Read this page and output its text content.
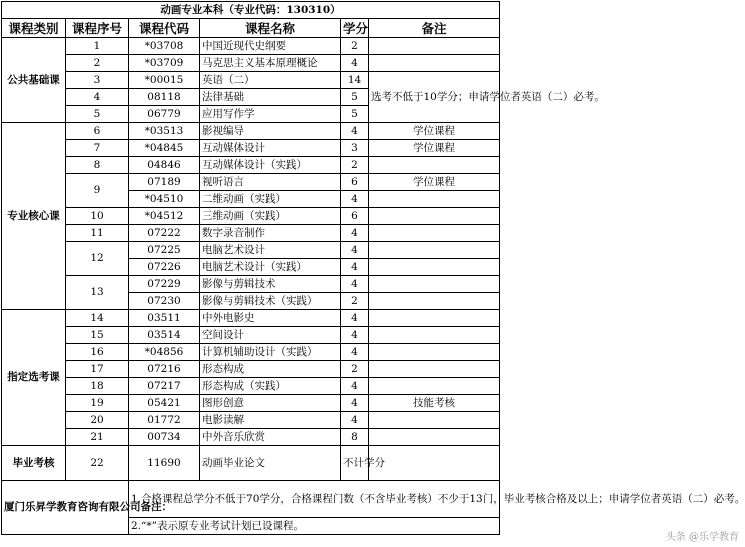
动画专业本科（专业代码：130310）					
课程类别	课程序号	课程代码	课程名称	学分	备注
公共基础课	1	*03708	中国近现代史纲要	2	
	2	*03709	马克思主义基本原理概论	4	
	3	*00015	英语（二）	14	选考不低于10学分；申请学位者英语（二）必考。
	4	08118	法律基础	5	
	5	06779	应用写作学	5	
专业核心课	6	*03513	影视编导	4	学位课程
	7	*04845	互动媒体设计	3	学位课程
	8	04846	互动媒体设计（实践）	2	
	9	07189	视听语言	6	学位课程
		*04510	二维动画（实践）	4	
	10	*04512	三维动画（实践）	6	
	11	07222	数字录音制作	4	
	12	07225	电脑艺术设计	4	
		07226	电脑艺术设计（实践）	4	
	13	07229	影像与剪辑技术	4	
		07230	影像与剪辑技术（实践）	2	
指定选考课	14	03511	中外电影史	4	
	15	03514	空间设计	4	
	16	*04856	计算机辅助设计（实践）	4	
	17	07216	形态构成	2	
	18	07217	形态构成（实践）	4	
	19	05421	图形创意	4	技能考核
	20	01772	电影读解	4	
	21	00734	中外音乐欣赏	8	
毕业考核	22	11690	动画毕业论文	不计学分	
厦门乐昇学教育咨询有限公司备注：		1.合格课程总学分不低于70学分，合格课程门数（不含毕业考核）不少于13门，毕业考核合格及以上；申请学位者英语（二）必考。			
		2.“*”表示原专业考试计划已设课程。			
头条 @乐学教育
